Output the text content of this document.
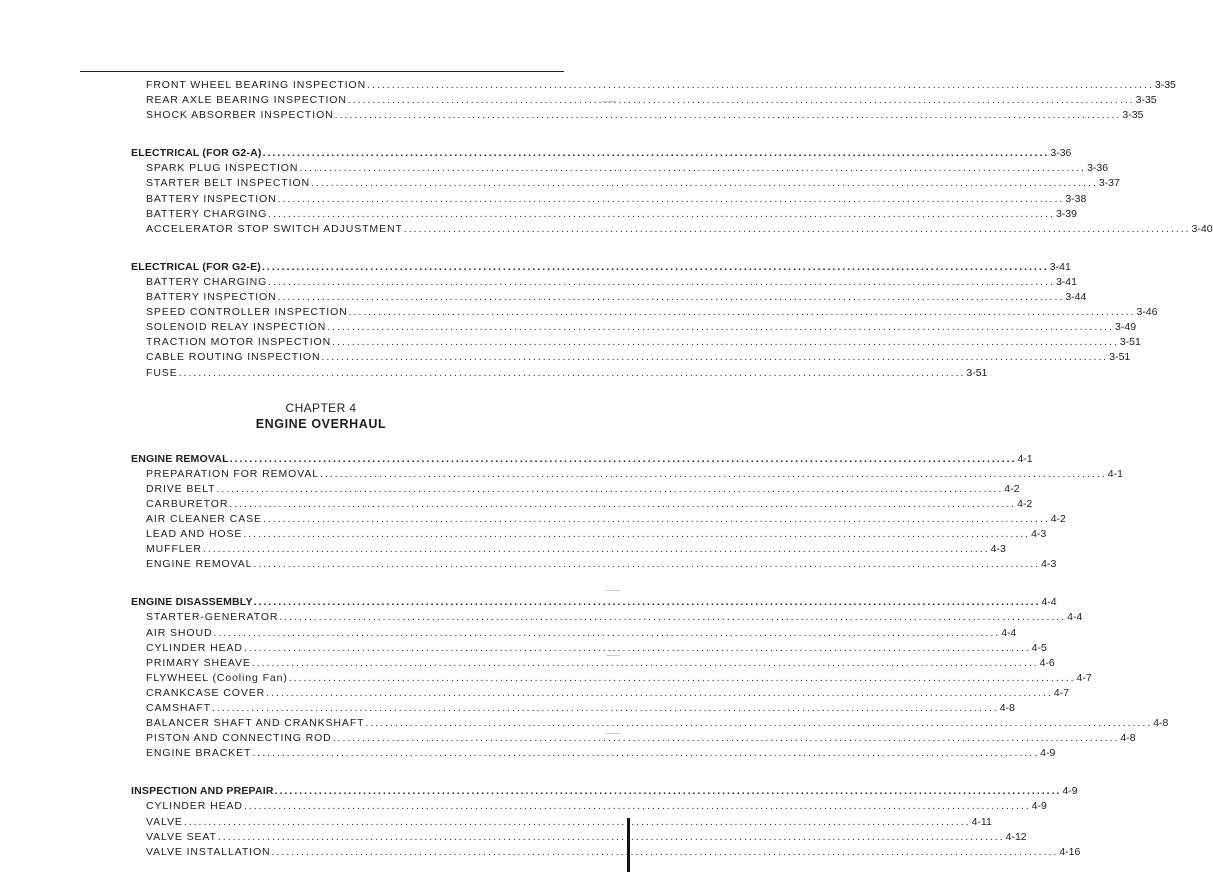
FRONT WHEEL BEARING INSPECTION ................................................................................................................................................................ 3-35
REAR AXLE BEARING INSPECTION ................................................................................................................................................................ 3-35
SHOCK ABSORBER INSPECTION ................................................................................................................................................................ 3-35
ELECTRICAL (FOR G2-A) ................................................................................................................................................................ 3-36
SPARK PLUG INSPECTION ................................................................................................................................................................ 3-36
STARTER BELT INSPECTION ................................................................................................................................................................ 3-37
BATTERY INSPECTION ................................................................................................................................................................ 3-38
BATTERY CHARGING ................................................................................................................................................................ 3-39
ACCELERATOR STOP SWITCH ADJUSTMENT ................................................................................................................................................................ 3-40
ELECTRICAL (FOR G2-E) ................................................................................................................................................................ 3-41
BATTERY CHARGING ................................................................................................................................................................ 3-41
BATTERY INSPECTION ................................................................................................................................................................ 3-44
SPEED CONTROLLER INSPECTION ................................................................................................................................................................ 3-46
SOLENOID RELAY INSPECTION ................................................................................................................................................................ 3-49
TRACTION MOTOR INSPECTION ................................................................................................................................................................ 3-51
CABLE ROUTING INSPECTION ................................................................................................................................................................ 3-51
FUSE ................................................................................................................................................................ 3-51
CHAPTER 4
ENGINE OVERHAUL
ENGINE REMOVAL ................................................................................................................................................................ 4-1
PREPARATION FOR REMOVAL ................................................................................................................................................................ 4-1
DRIVE BELT ................................................................................................................................................................ 4-2
CARBURETOR ................................................................................................................................................................ 4-2
AIR CLEANER CASE ................................................................................................................................................................ 4-2
LEAD AND HOSE ................................................................................................................................................................ 4-3
MUFFLER ................................................................................................................................................................ 4-3
ENGINE REMOVAL ................................................................................................................................................................ 4-3
ENGINE DISASSEMBLY ................................................................................................................................................................ 4-4
STARTER-GENERATOR ................................................................................................................................................................ 4-4
AIR SHOUD ................................................................................................................................................................ 4-4
CYLINDER HEAD ................................................................................................................................................................ 4-5
PRIMARY SHEAVE ................................................................................................................................................................ 4-6
FLYWHEEL (Cooling Fan) ................................................................................................................................................................ 4-7
CRANKCASE COVER ................................................................................................................................................................ 4-7
CAMSHAFT ................................................................................................................................................................ 4-8
BALANCER SHAFT AND CRANKSHAFT ................................................................................................................................................................ 4-8
PISTON AND CONNECTING ROD ................................................................................................................................................................ 4-8
ENGINE BRACKET ................................................................................................................................................................ 4-9
INSPECTION AND PREPAIR ................................................................................................................................................................ 4-9
CYLINDER HEAD ................................................................................................................................................................ 4-9
VALVE ................................................................................................................................................................ 4-11
VALVE SEAT ................................................................................................................................................................ 4-12
VALVE INSTALLATION ................................................................................................................................................................ 4-16
